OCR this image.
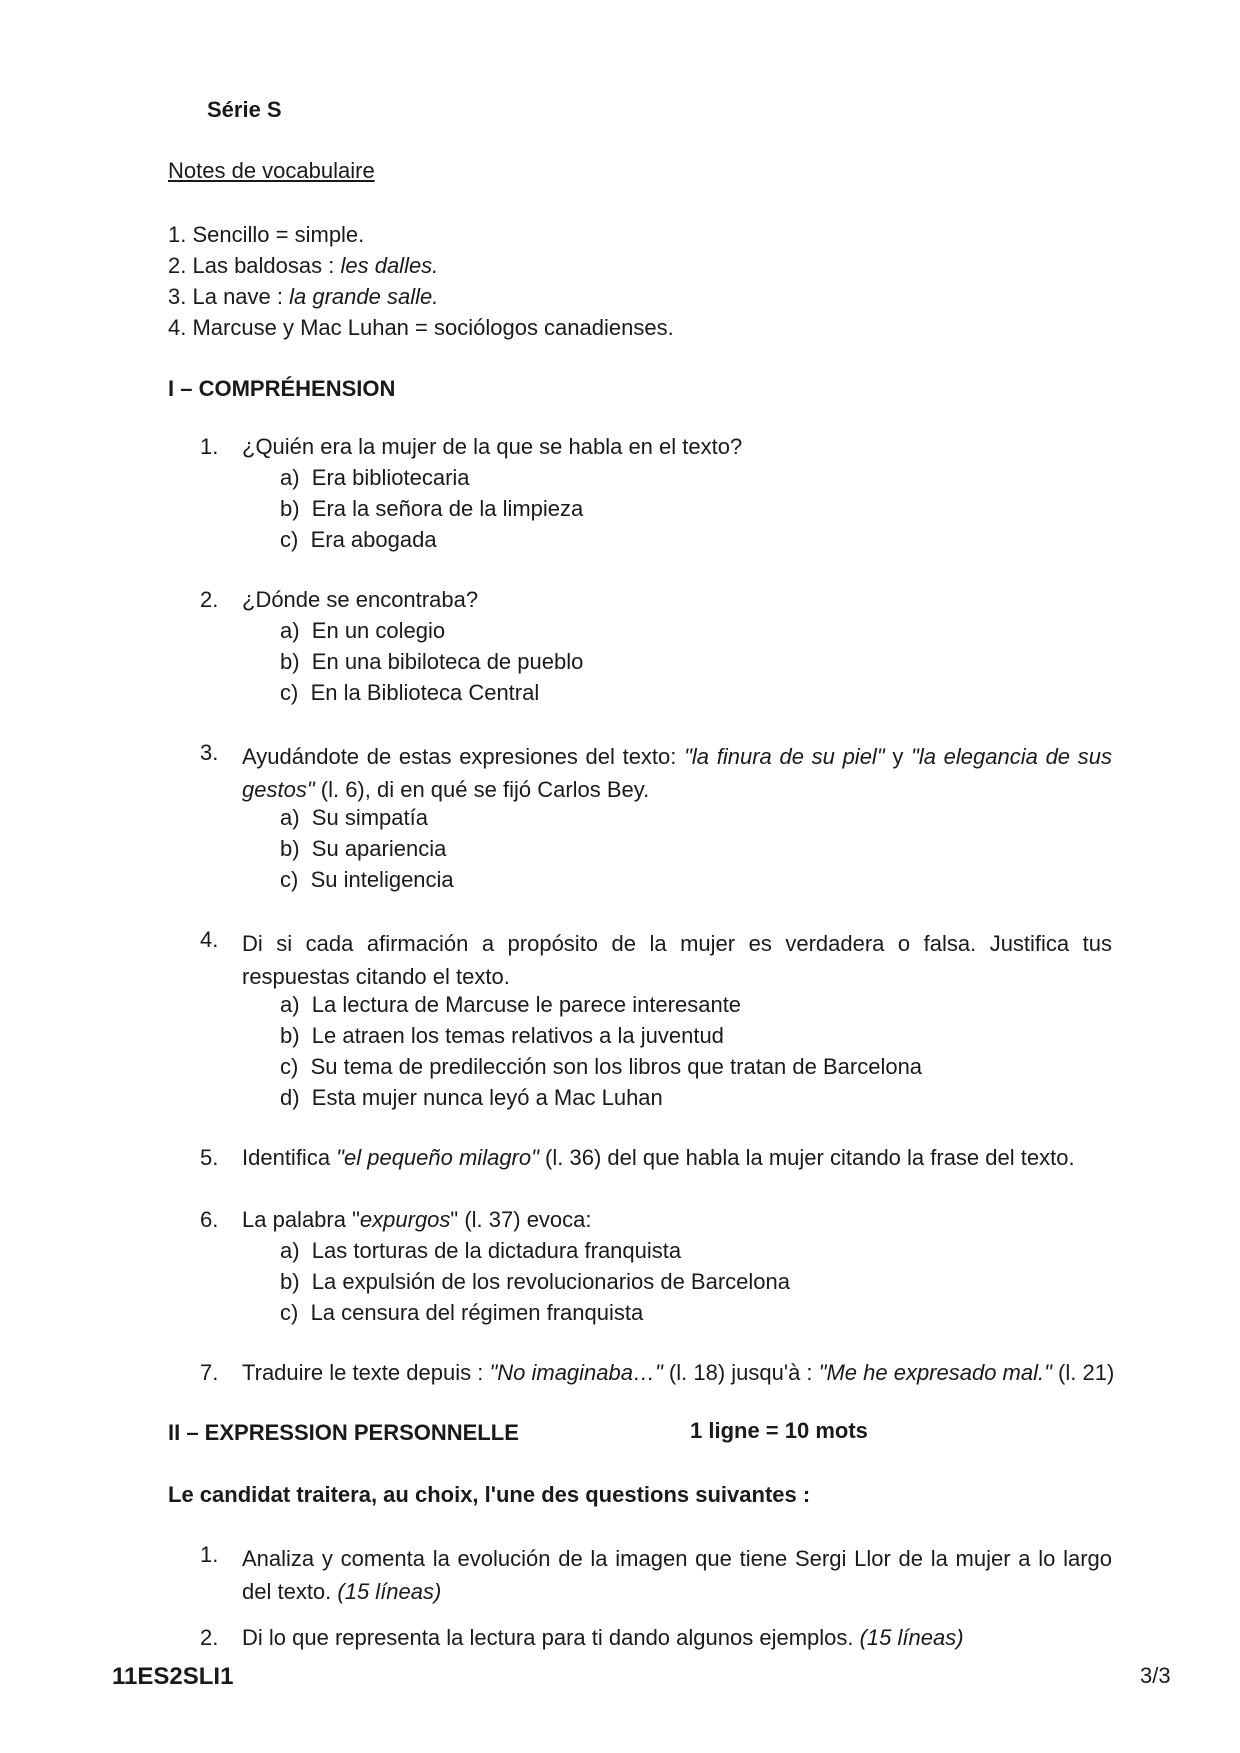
Série S
Notes de vocabulaire
1. Sencillo = simple.
2. Las baldosas : les dalles.
3. La nave : la grande salle.
4. Marcuse y Mac Luhan = sociólogos canadienses.
I – COMPRÉHENSION
1. ¿Quién era la mujer de la que se habla en el texto?
a) Era bibliotecaria
b) Era la señora de la limpieza
c) Era abogada
2. ¿Dónde se encontraba?
a) En un colegio
b) En una bibiloteca de pueblo
c) En la Biblioteca Central
3. Ayudándote de estas expresiones del texto: "la finura de su piel" y "la elegancia de sus gestos" (l. 6), di en qué se fijó Carlos Bey.
a) Su simpatía
b) Su apariencia
c) Su inteligencia
4. Di si cada afirmación a propósito de la mujer es verdadera o falsa. Justifica tus respuestas citando el texto.
a) La lectura de Marcuse le parece interesante
b) Le atraen los temas relativos a la juventud
c) Su tema de predilección son los libros que tratan de Barcelona
d) Esta mujer nunca leyó a Mac Luhan
5. Identifica "el pequeño milagro" (l. 36) del que habla la mujer citando la frase del texto.
6. La palabra "expurgos" (l. 37) evoca:
a) Las torturas de la dictadura franquista
b) La expulsión de los revolucionarios de Barcelona
c) La censura del régimen franquista
7. Traduire le texte depuis : "No imaginaba…" (l. 18) jusqu'à : "Me he expresado mal." (l. 21)
II – EXPRESSION PERSONNELLE	1 ligne = 10 mots
Le candidat traitera, au choix, l'une des questions suivantes :
1. Analiza y comenta la evolución de la imagen que tiene Sergi Llor de la mujer a lo largo del texto. (15 líneas)
2. Di lo que representa la lectura para ti dando algunos ejemplos. (15 líneas)
11ES2SLI1	3/3
